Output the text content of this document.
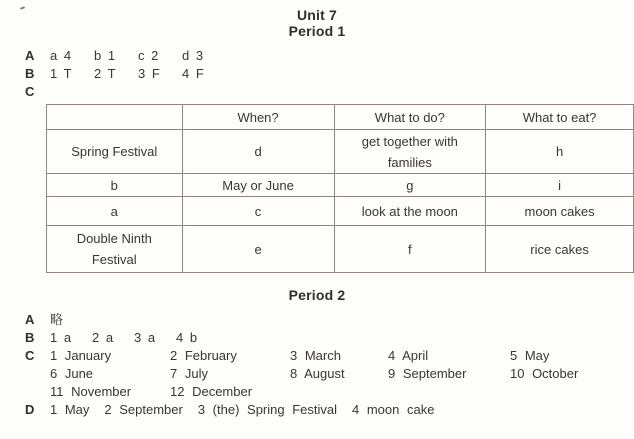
Unit 7
Period 1
A	a 4	b 1	c 2	d 3
B	1 T	2 T	3 F	4 F
C
	When?	What to do?	What to eat?
Spring Festival	d	get together with families	h
b	May or June	g	i
a	c	look at the moon	moon cakes
Double Ninth Festival	e	f	rice cakes
Period 2
A	略
B	1 a	2 a	3 a	4 b
C	1 January	2 February	3 March	4 April	5 May
6 June	7 July	8 August	9 September	10 October
11 November	12 December
D	1 May 2 September 3 (the) Spring Festival 4 moon cake
